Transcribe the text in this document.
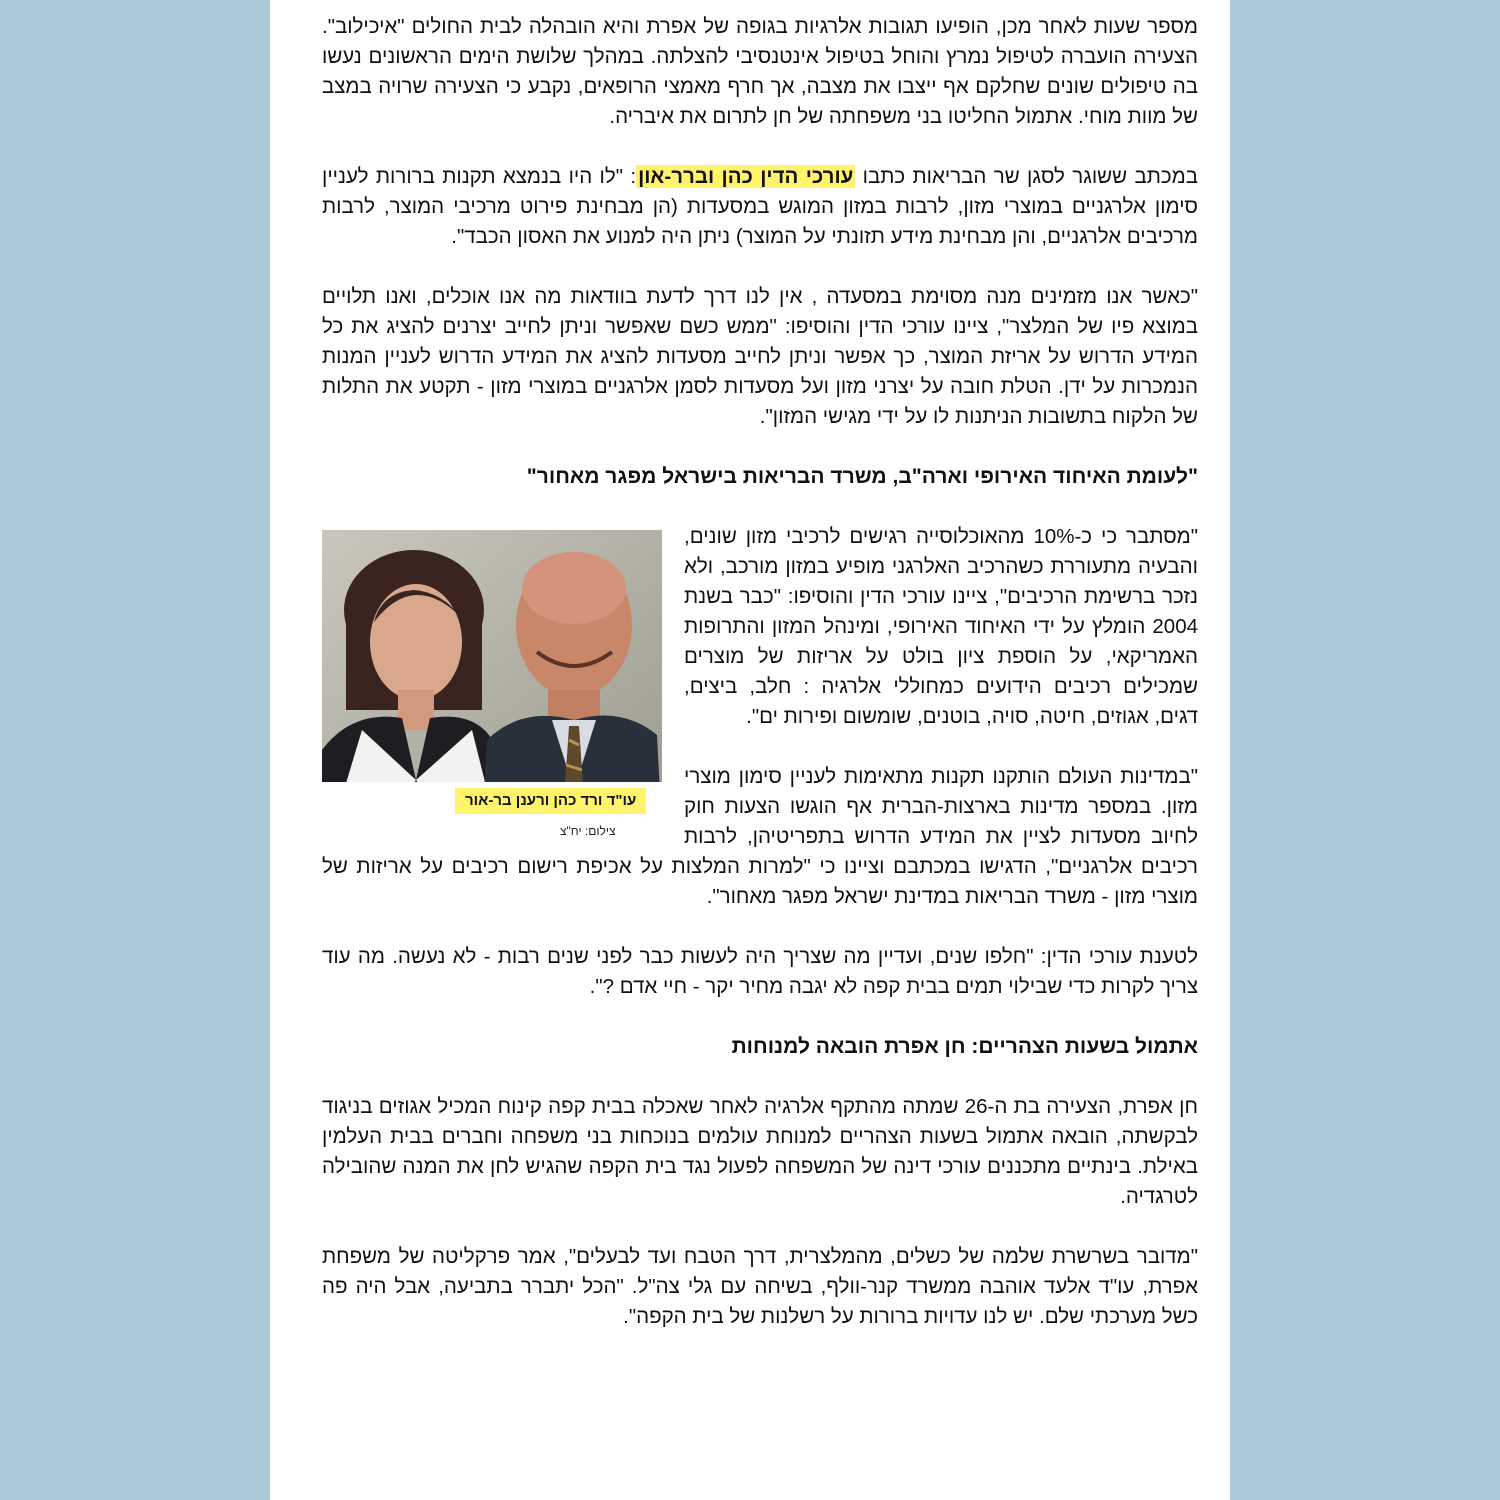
מספר שעות לאחר מכן, הופיעו תגובות אלרגיות בגופה של אפרת והיא הובהלה לבית החולים "איכילוב". הצעירה הועברה לטיפול נמרץ והוחל בטיפול אינטנסיבי להצלתה. במהלך שלושת הימים הראשונים נעשו בה טיפולים שונים שחלקם אף ייצבו את מצבה, אך חרף מאמצי הרופאים, נקבע כי הצעירה שרויה במצב של מוות מוחי. אתמול החליטו בני משפחתה של חן לתרום את איבריה.

במכתב ששוגר לסגן שר הבריאות כתבו עורכי הדין כהן וברר-און: "לו היו בנמצא תקנות ברורות לעניין סימון אלרגניים במוצרי מזון, לרבות במזון המוגש במסעדות (הן מבחינת פירוט מרכיבי המוצר, לרבות מרכיבים אלרגניים, והן מבחינת מידע תזונתי על המוצר) ניתן היה למנוע את האסון הכבד".

"כאשר אנו מזמינים מנה מסוימת במסעדה , אין לנו דרך לדעת בוודאות מה אנו אוכלים, ואנו תלויים במוצא פיו של המלצר", ציינו עורכי הדין והוסיפו: "ממש כשם שאפשר וניתן לחייב יצרנים להציג את כל המידע הדרוש על אריזת המוצר, כך אפשר וניתן לחייב מסעדות להציג את המידע הדרוש לעניין המנות הנמכרות על ידן. הטלת חובה על יצרני מזון ועל מסעדות לסמן אלרגניים במוצרי מזון - תקטע את התלות של הלקוח בתשובות הניתנות לו על ידי מגישי המזון".

"לעומת האיחוד האירופי וארה"ב, משרד הבריאות בישראל מפגר מאחור"
עו"ד ורד כהן ורענן בר-אור
צילום: יח"צ

"מסתבר כי כ-10% מהאוכלוסייה רגישים לרכיבי מזון שונים, והבעיה מתעוררת כשהרכיב האלרגני מופיע במזון מורכב, ולא נזכר ברשימת הרכיבים", ציינו עורכי הדין והוסיפו: "כבר בשנת 2004 הומלץ על ידי האיחוד האירופי, ומינהל המזון והתרופות האמריקאי, על הוספת ציון בולט על אריזות של מוצרים שמכילים רכיבים הידועים כמחוללי אלרגיה : חלב, ביצים, דגים, אגוזים, חיטה, סויה, בוטנים, שומשום ופירות ים".

"במדינות העולם הותקנו תקנות מתאימות לעניין סימון מוצרי מזון. במספר מדינות בארצות-הברית אף הוגשו הצעות חוק לחיוב מסעדות לציין את המידע הדרוש בתפריטיהן, לרבות רכיבים אלרגניים", הדגישו במכתבם וציינו כי "למרות המלצות על אכיפת רישום רכיבים על אריזות של מוצרי מזון - משרד הבריאות במדינת ישראל מפגר מאחור".

לטענת עורכי הדין: "חלפו שנים, ועדיין מה שצריך היה לעשות כבר לפני שנים רבות - לא נעשה. מה עוד צריך לקרות כדי שבילוי תמים בבית קפה לא יגבה מחיר יקר - חיי אדם ?".

אתמול בשעות הצהריים: חן אפרת הובאה למנוחות

חן אפרת, הצעירה בת ה-26 שמתה מהתקף אלרגיה לאחר שאכלה בבית קפה קינוח המכיל אגוזים בניגוד לבקשתה, הובאה אתמול בשעות הצהריים למנוחת עולמים בנוכחות בני משפחה וחברים בבית העלמין באילת. בינתיים מתכננים עורכי דינה של המשפחה לפעול נגד בית הקפה שהגיש לחן את המנה שהובילה לטרגדיה.

"מדובר בשרשרת שלמה של כשלים, מהמלצרית, דרך הטבח ועד לבעלים", אמר פרקליטה של משפחת אפרת, עו"ד אלעד אוהבה ממשרד קנר-וולף, בשיחה עם גלי צה"ל. "הכל יתברר בתביעה, אבל היה פה כשל מערכתי שלם. יש לנו עדויות ברורות על רשלנות של בית הקפה".
